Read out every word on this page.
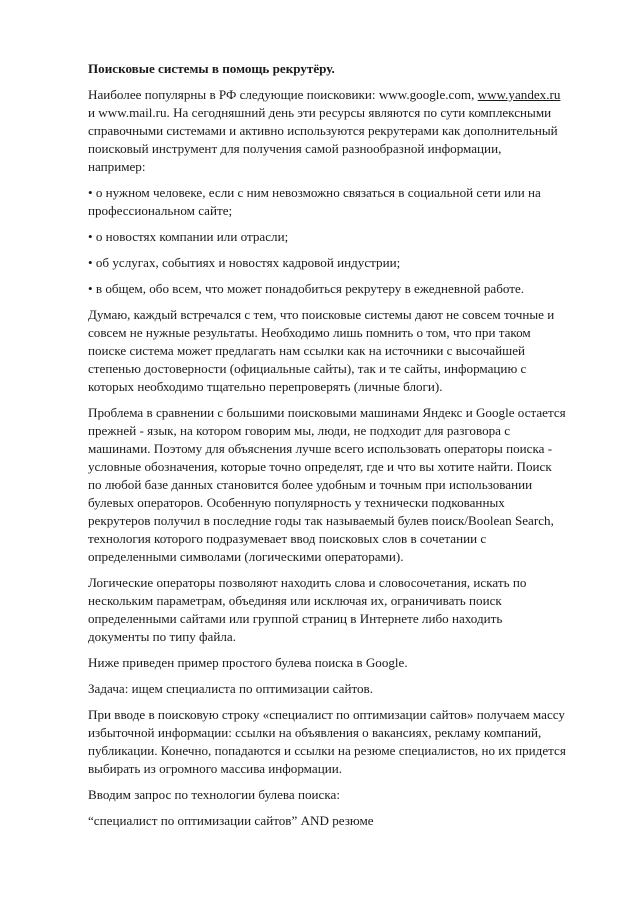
Поисковые системы в помощь рекрутёру.

Наиболее популярны в РФ следующие поисковики: www.google.com, www.yandex.ru
и www.mail.ru. На сегодняшний день эти ресурсы являются по сути комплексными
справочными системами и активно используются рекрутерами как дополнительный
поисковый инструмент для получения самой разнообразной информации,
например:

• о нужном человеке, если с ним невозможно связаться в социальной сети или на
профессиональном сайте;

• о новостях компании или отрасли;

• об услугах, событиях и новостях кадровой индустрии;

• в общем, обо всем, что может понадобиться рекрутеру в ежедневной работе.

Думаю, каждый встречался с тем, что поисковые системы дают не совсем точные и
совсем не нужные результаты. Необходимо лишь помнить о том, что при таком
поиске система может предлагать нам ссылки как на источники с высочайшей
степенью достоверности (официальные сайты), так и те сайты, информацию с
которых необходимо тщательно перепроверять (личные блоги).

Проблема в сравнении с большими поисковыми машинами Яндекс и Google остается
прежней - язык, на котором говорим мы, люди, не подходит для разговора с
машинами. Поэтому для объяснения лучше всего использовать операторы поиска -
условные обозначения, которые точно определят, где и что вы хотите найти. Поиск
по любой базе данных становится более удобным и точным при использовании
булевых операторов. Особенную популярность у технически подкованных
рекрутеров получил в последние годы так называемый булев поиск/Boolean Search,
технология которого подразумевает ввод поисковых слов в сочетании с
определенными символами (логическими операторами).

Логические операторы позволяют находить слова и словосочетания, искать по
нескольким параметрам, объединяя или исключая их, ограничивать поиск
определенными сайтами или группой страниц в Интернете либо находить
документы по типу файла.

Ниже приведен пример простого булева поиска в Google.

Задача: ищем специалиста по оптимизации сайтов.

При вводе в поисковую строку «специалист по оптимизации сайтов» получаем массу
избыточной информации: ссылки на объявления о вакансиях, рекламу компаний,
публикации. Конечно, попадаются и ссылки на резюме специалистов, но их придется
выбирать из огромного массива информации.

Вводим запрос по технологии булева поиска:

“специалист по оптимизации сайтов” AND резюме
